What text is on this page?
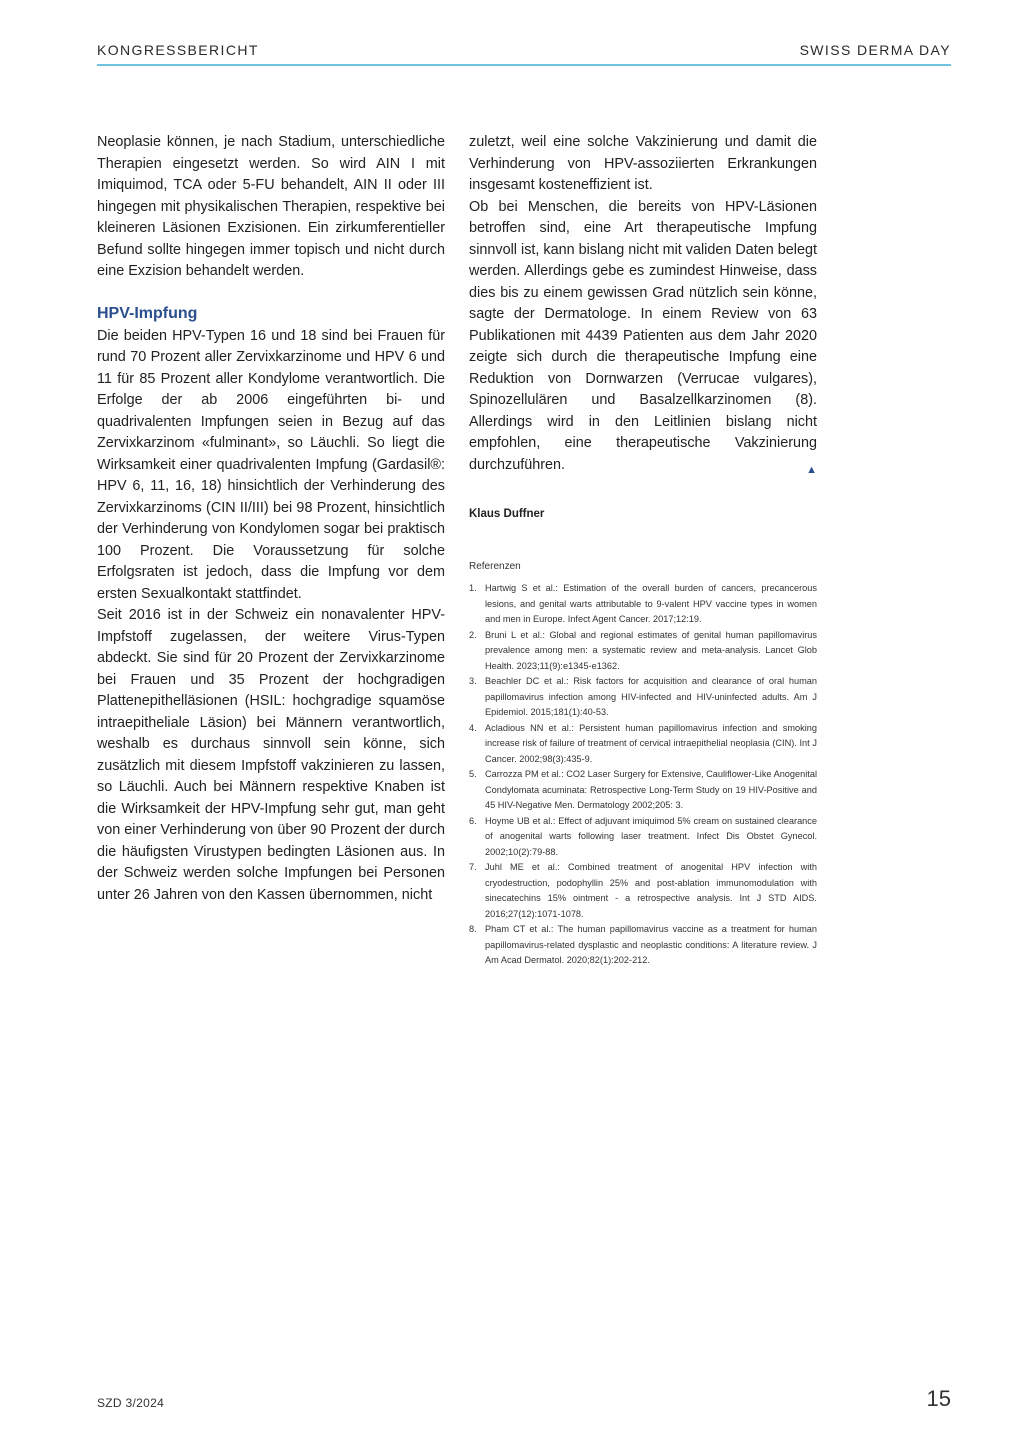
KONGRESSBERICHT	SWISS DERMA DAY

Neoplasie können, je nach Stadium, unterschiedliche Therapien eingesetzt werden. So wird AIN I mit Imiquimod, TCA oder 5-FU behandelt, AIN II oder III hingegen mit physikalischen Therapien, respektive bei kleineren Läsionen Exzisionen. Ein zirkumferentieller Befund sollte hingegen immer topisch und nicht durch eine Exzision behandelt werden.

HPV-Impfung

Die beiden HPV-Typen 16 und 18 sind bei Frauen für rund 70 Prozent aller Zervixkarzinome und HPV 6 und 11 für 85 Prozent aller Kondylome verantwortlich. Die Erfolge der ab 2006 eingeführten bi- und quadrivalenten Impfungen seien in Bezug auf das Zervixkarzinom «fulminant», so Läuchli. So liegt die Wirksamkeit einer quadrivalenten Impfung (Gardasil®: HPV 6, 11, 16, 18) hinsichtlich der Verhinderung des Zervixkarzinoms (CIN II/III) bei 98 Prozent, hinsichtlich der Verhinderung von Kondylomen sogar bei praktisch 100 Prozent. Die Voraussetzung für solche Erfolgsraten ist jedoch, dass die Impfung vor dem ersten Sexualkontakt stattfindet.

Seit 2016 ist in der Schweiz ein nonavalenter HPV-Impfstoff zugelassen, der weitere Virus-Typen abdeckt. Sie sind für 20 Prozent der Zervixkarzinome bei Frauen und 35 Prozent der hochgradigen Plattenepithelläsionen (HSIL: hochgradige squamöse intraepitheliale Läsion) bei Männern verantwortlich, weshalb es durchaus sinnvoll sein könne, sich zusätzlich mit diesem Impfstoff vakzinieren zu lassen, so Läuchli. Auch bei Männern respektive Knaben ist die Wirksamkeit der HPV-Impfung sehr gut, man geht von einer Verhinderung von über 90 Prozent der durch die häufigsten Virustypen bedingten Läsionen aus. In der Schweiz werden solche Impfungen bei Personen unter 26 Jahren von den Kassen übernommen, nicht

zuletzt, weil eine solche Vakzinierung und damit die Verhinderung von HPV-assoziierten Erkrankungen insgesamt kosteneffizient ist.

Ob bei Menschen, die bereits von HPV-Läsionen betroffen sind, eine Art therapeutische Impfung sinnvoll ist, kann bislang nicht mit validen Daten belegt werden. Allerdings gebe es zumindest Hinweise, dass dies bis zu einem gewissen Grad nützlich sein könne, sagte der Dermatologe. In einem Review von 63 Publikationen mit 4439 Patienten aus dem Jahr 2020 zeigte sich durch die therapeutische Impfung eine Reduktion von Dornwarzen (Verrucae vulgares), Spinozellulären und Basalzellkarzinomen (8). Allerdings wird in den Leitlinien bislang nicht empfohlen, eine therapeutische Vakzinierung durchzuführen.	▲

Klaus Duffner
Referenzen
1. Hartwig S et al.: Estimation of the overall burden of cancers, precancerous lesions, and genital warts attributable to 9-valent HPV vaccine types in women and men in Europe. Infect Agent Cancer. 2017;12:19.
2. Bruni L et al.: Global and regional estimates of genital human papillomavirus prevalence among men: a systematic review and meta-analysis. Lancet Glob Health. 2023;11(9):e1345-e1362.
3. Beachler DC et al.: Risk factors for acquisition and clearance of oral human papillomavirus infection among HIV-infected and HIV-uninfected adults. Am J Epidemiol. 2015;181(1):40-53.
4. Acladious NN et al.: Persistent human papillomavirus infection and smoking increase risk of failure of treatment of cervical intraepithelial neoplasia (CIN). Int J Cancer. 2002;98(3):435-9.
5. Carrozza PM et al.: CO2 Laser Surgery for Extensive, Cauliflower-Like Anogenital Condylomata acuminata: Retrospective Long-Term Study on 19 HIV-Positive and 45 HIV-Negative Men. Dermatology 2002;205: 3.
6. Hoyme UB et al.: Effect of adjuvant imiquimod 5% cream on sustained clearance of anogenital warts following laser treatment. Infect Dis Obstet Gynecol. 2002;10(2):79-88.
7. Juhl ME et al.: Combined treatment of anogenital HPV infection with cryodestruction, podophyllin 25% and post-ablation immunomodulation with sinecatechins 15% ointment - a retrospective analysis. Int J STD AIDS. 2016;27(12):1071-1078.
8. Pham CT et al.: The human papillomavirus vaccine as a treatment for human papillomavirus-related dysplastic and neoplastic conditions: A literature review. J Am Acad Dermatol. 2020;82(1):202-212.
SZD 3/2024	15
